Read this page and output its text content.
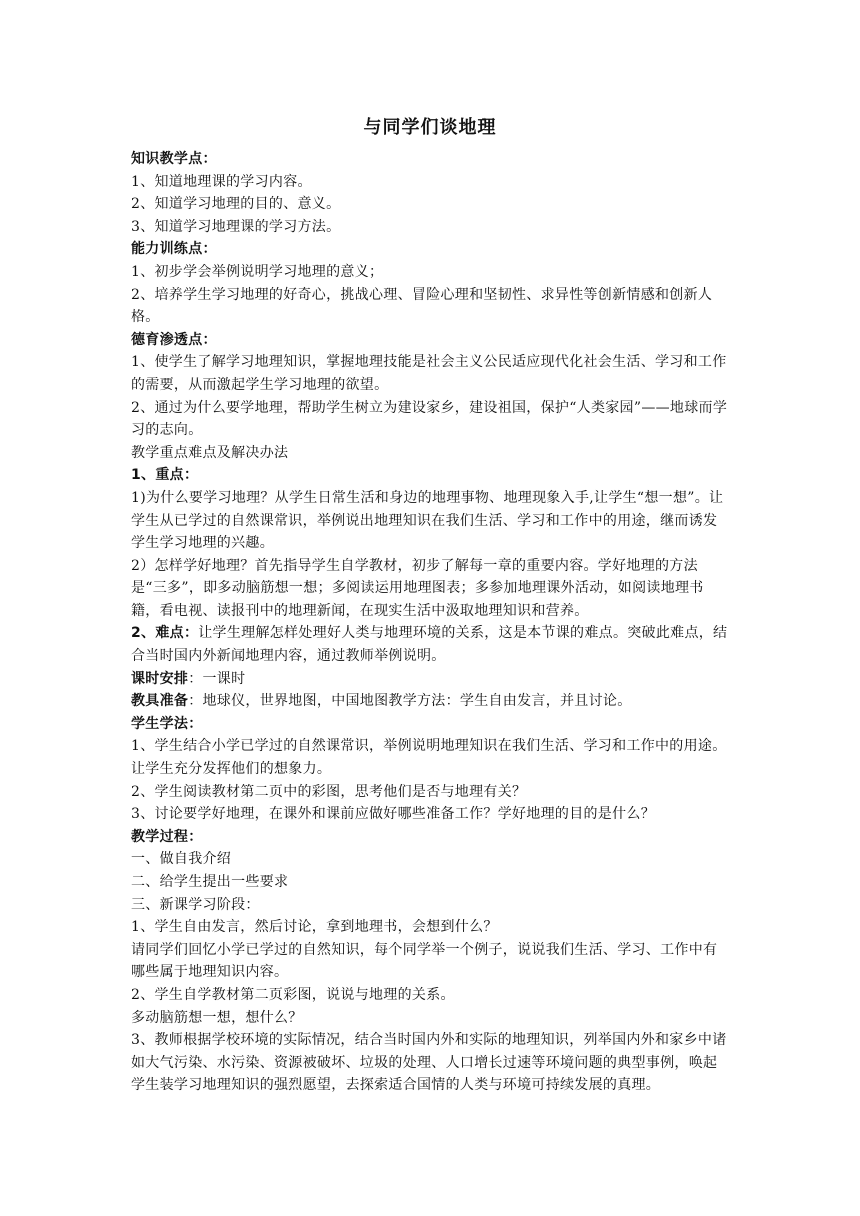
与同学们谈地理

知识教学点：

1、知道地理课的学习内容。

2、知道学习地理的目的、意义。

3、知道学习地理课的学习方法。

能力训练点：

1、初步学会举例说明学习地理的意义；

2、培养学生学习地理的好奇心，挑战心理、冒险心理和坚韧性、求异性等创新情感和创新人格。

德育渗透点：

1、使学生了解学习地理知识，掌握地理技能是社会主义公民适应现代化社会生活、学习和工作的需要，从而激起学生学习地理的欲望。

2、通过为什么要学地理，帮助学生树立为建设家乡，建设祖国，保护“人类家园”——地球而学习的志向。

教学重点难点及解决办法

1、重点：

1)为什么要学习地理？从学生日常生活和身边的地理事物、地理现象入手,让学生“想一想”。让学生从已学过的自然课常识，举例说出地理知识在我们生活、学习和工作中的用途，继而诱发学生学习地理的兴趣。

2）怎样学好地理？首先指导学生自学教材，初步了解每一章的重要内容。学好地理的方法是“三多”，即多动脑筋想一想；多阅读运用地理图表；多参加地理课外活动，如阅读地理书籍，看电视、读报刊中的地理新闻，在现实生活中汲取地理知识和营养。

2、难点：让学生理解怎样处理好人类与地理环境的关系，这是本节课的难点。突破此难点，结合当时国内外新闻地理内容，通过教师举例说明。

课时安排：一课时

教具准备：地球仪，世界地图，中国地图教学方法：学生自由发言，并且讨论。

学生学法：

1、学生结合小学已学过的自然课常识，举例说明地理知识在我们生活、学习和工作中的用途。让学生充分发挥他们的想象力。

2、学生阅读教材第二页中的彩图，思考他们是否与地理有关？

3、讨论要学好地理，在课外和课前应做好哪些准备工作？学好地理的目的是什么？

教学过程：

一、做自我介绍

二、给学生提出一些要求

三、新课学习阶段：

1、学生自由发言，然后讨论，拿到地理书，会想到什么？

请同学们回忆小学已学过的自然知识，每个同学举一个例子，说说我们生活、学习、工作中有哪些属于地理知识内容。

2、学生自学教材第二页彩图，说说与地理的关系。

多动脑筋想一想，想什么？

3、教师根据学校环境的实际情况，结合当时国内外和实际的地理知识，列举国内外和家乡中诸如大气污染、水污染、资源被破坏、垃圾的处理、人口增长过速等环境问题的典型事例，唤起学生装学习地理知识的强烈愿望，去探索适合国情的人类与环境可持续发展的真理。
